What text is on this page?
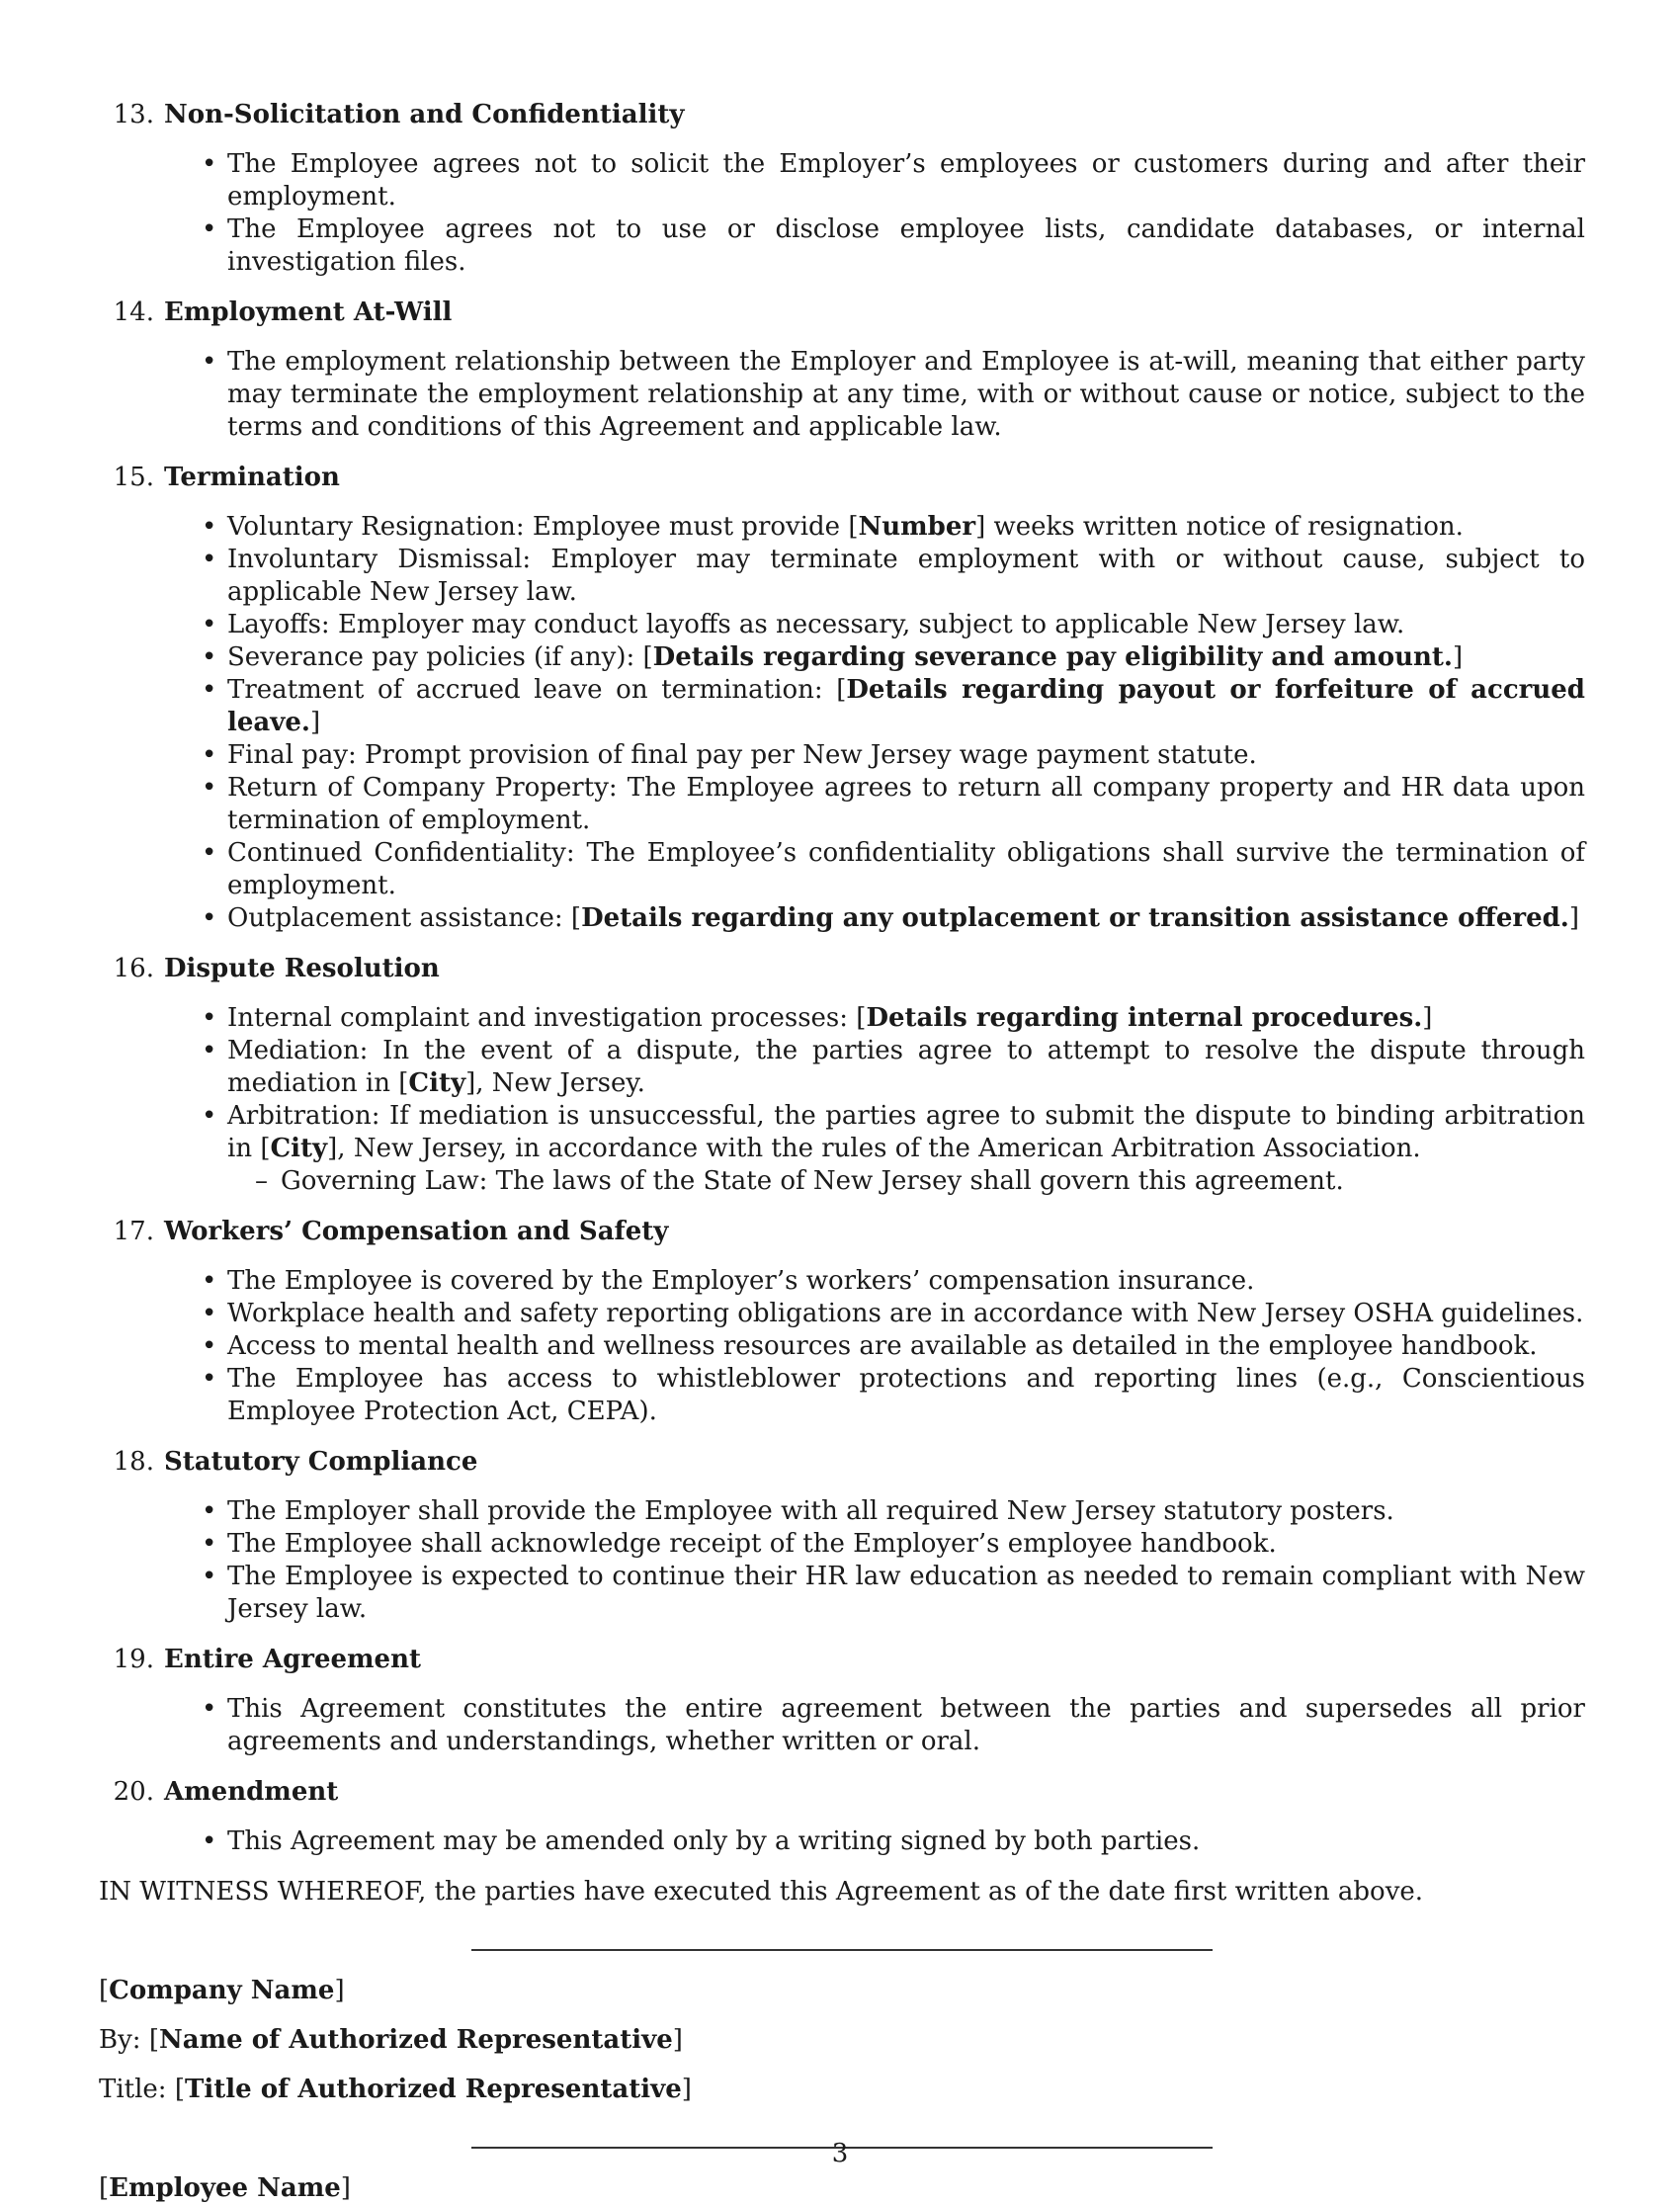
13. Non-Solicitation and Confidentiality
• The Employee agrees not to solicit the Employer’s employees or customers during and after their employment.
• The Employee agrees not to use or disclose employee lists, candidate databases, or internal investigation files.
14. Employment At-Will
• The employment relationship between the Employer and Employee is at-will, meaning that either party may terminate the employment relationship at any time, with or without cause or notice, subject to the terms and conditions of this Agreement and applicable law.
15. Termination
• Voluntary Resignation: Employee must provide [Number] weeks written notice of resignation.
• Involuntary Dismissal: Employer may terminate employment with or without cause, subject to applicable New Jersey law.
• Layoffs: Employer may conduct layoffs as necessary, subject to applicable New Jersey law.
• Severance pay policies (if any): [Details regarding severance pay eligibility and amount.]
• Treatment of accrued leave on termination: [Details regarding payout or forfeiture of accrued leave.]
• Final pay: Prompt provision of final pay per New Jersey wage payment statute.
• Return of Company Property: The Employee agrees to return all company property and HR data upon termination of employment.
• Continued Confidentiality: The Employee’s confidentiality obligations shall survive the termination of employment.
• Outplacement assistance: [Details regarding any outplacement or transition assistance offered.]
16. Dispute Resolution
• Internal complaint and investigation processes: [Details regarding internal procedures.]
• Mediation: In the event of a dispute, the parties agree to attempt to resolve the dispute through mediation in [City], New Jersey.
• Arbitration: If mediation is unsuccessful, the parties agree to submit the dispute to binding arbitration in [City], New Jersey, in accordance with the rules of the American Arbitration Association.
– Governing Law: The laws of the State of New Jersey shall govern this agreement.
17. Workers’ Compensation and Safety
• The Employee is covered by the Employer’s workers’ compensation insurance.
• Workplace health and safety reporting obligations are in accordance with New Jersey OSHA guidelines.
• Access to mental health and wellness resources are available as detailed in the employee handbook.
• The Employee has access to whistleblower protections and reporting lines (e.g., Conscientious Employee Protection Act, CEPA).
18. Statutory Compliance
• The Employer shall provide the Employee with all required New Jersey statutory posters.
• The Employee shall acknowledge receipt of the Employer’s employee handbook.
• The Employee is expected to continue their HR law education as needed to remain compliant with New Jersey law.
19. Entire Agreement
• This Agreement constitutes the entire agreement between the parties and supersedes all prior agreements and understandings, whether written or oral.
20. Amendment
• This Agreement may be amended only by a writing signed by both parties.
IN WITNESS WHEREOF, the parties have executed this Agreement as of the date first written above.

[Company Name]

By: [Name of Authorized Representative]

Title: [Title of Authorized Representative]

[Employee Name]

3
